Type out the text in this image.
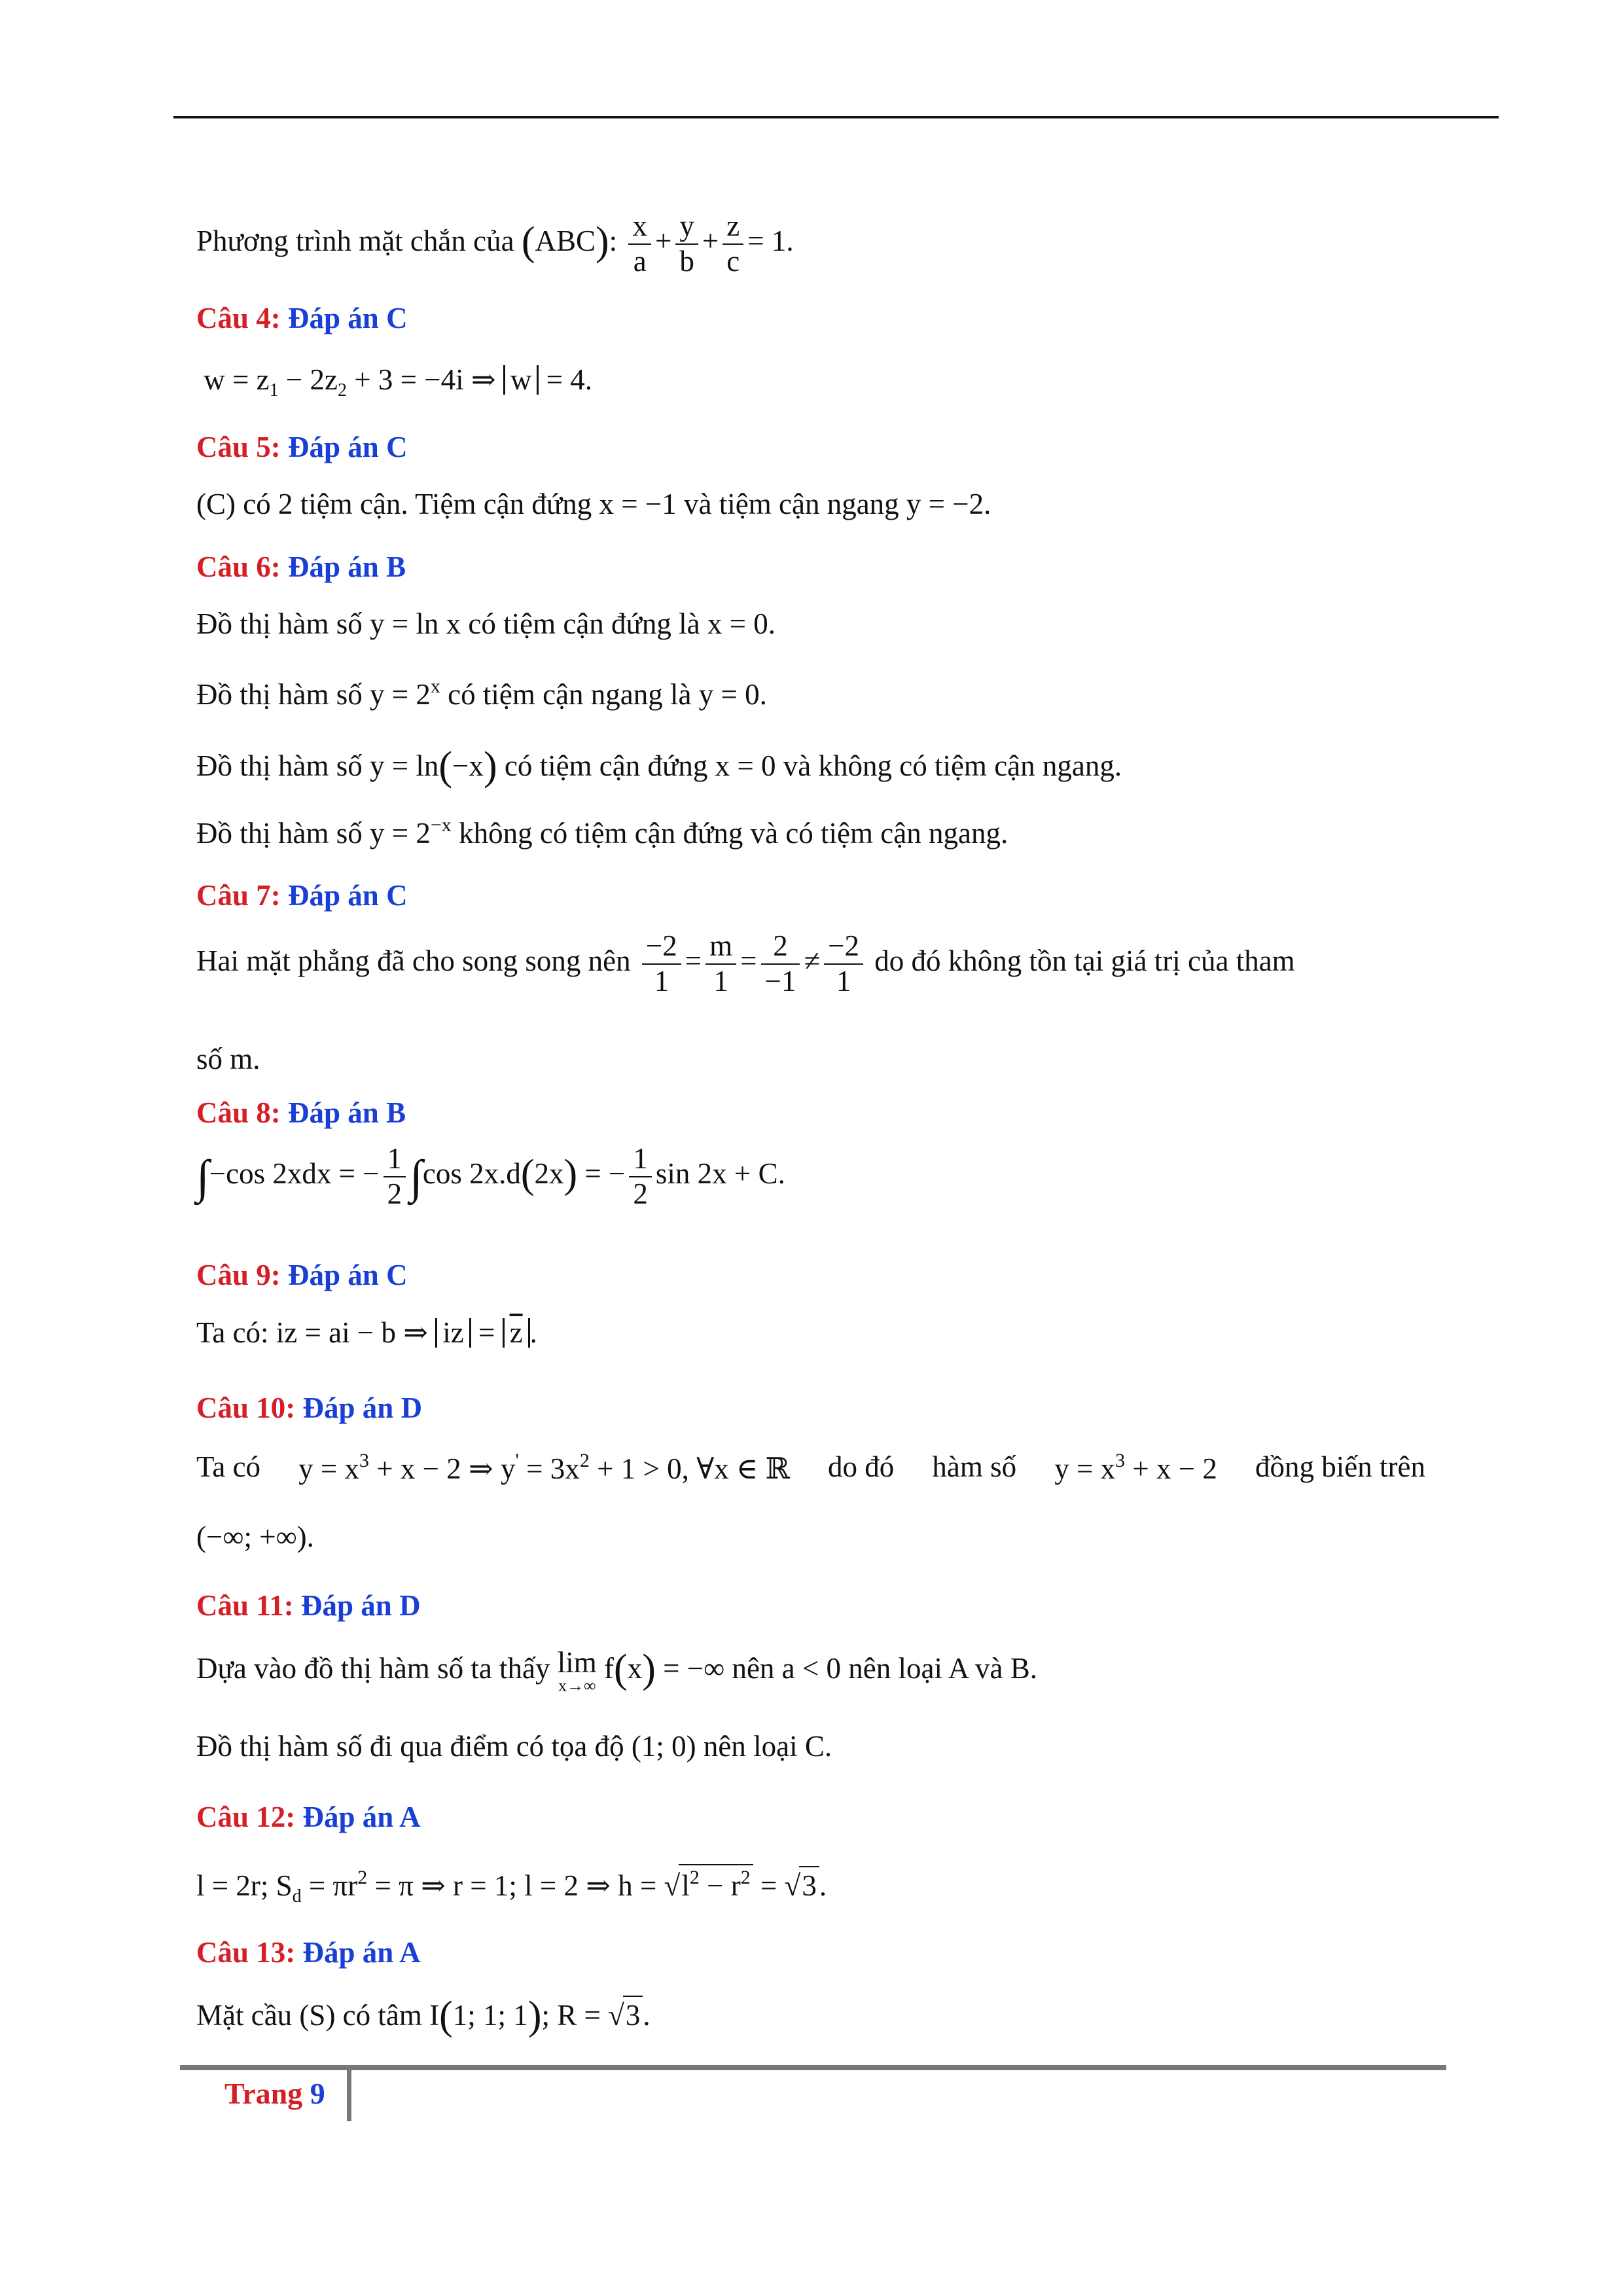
Phương trình mặt chắn của (ABC): $\frac{x}{a} + \frac{y}{b} + \frac{z}{c} = 1$.
Câu 4: Đáp án C
$w = z_1 - 2z_2 + 3 = -4i$ ⇒ w = 4.
Câu 5: Đáp án C
(C) có 2 tiệm cận. Tiệm cận đứng x = −1 và tiệm cận ngang y = −2.
Câu 6: Đáp án B
Đồ thị hàm số y = ln x có tiệm cận đứng là x = 0.
Đồ thị hàm số $y = 2^x$ có tiệm cận ngang là y = 0.
Đồ thị hàm số y = ln(−x) có tiệm cận đứng x = 0 và không có tiệm cận ngang.
Đồ thị hàm số $y = 2^{-x}$ không có tiệm cận đứng và có tiệm cận ngang.
Câu 7: Đáp án C
Hai mặt phẳng đã cho song song nên $\frac{-2}{1} = \frac{m}{1} = \frac{2}{-1} \ne \frac{-2}{1}$ do đó không tồn tại giá trị của tham
số m.
Câu 8: Đáp án B
∫−cos 2xdx = − $\frac{1}{2} \int\cos$ 2x.d(2x) = − $\frac{1}{2}$ sin 2x + C.
Câu 9: Đáp án C
Ta có: iz = ai − b ⇒ iz = $\overline{z}$ .
Câu 10: Đáp án D
Ta có $y = x^3 + x - 2$ ⇒ $y' = 3x^2 + 1 > 0$, ∀x ∈ ℝ do đó hàm số $y = x^3 + x - 2$ đồng biến trên
(−∞; +∞).
Câu 11: Đáp án D
Dựa vào đồ thị hàm số ta thấy lim
x→∞
f(x) = −∞ nên a < 0 nên loại A và B.
Đồ thị hàm số đi qua điểm có tọa độ (1; 0) nên loại C.
Câu 12: Đáp án A
l = 2r; $S_d = \pi r^2 = \pi$ ⇒ r = 1; l = 2 ⇒ $h = √l^2 - r^2 = √3$.
Câu 13: Đáp án A
Mặt cầu (S) có tâm I(1; 1; 1); R = √3.
Trang 9
